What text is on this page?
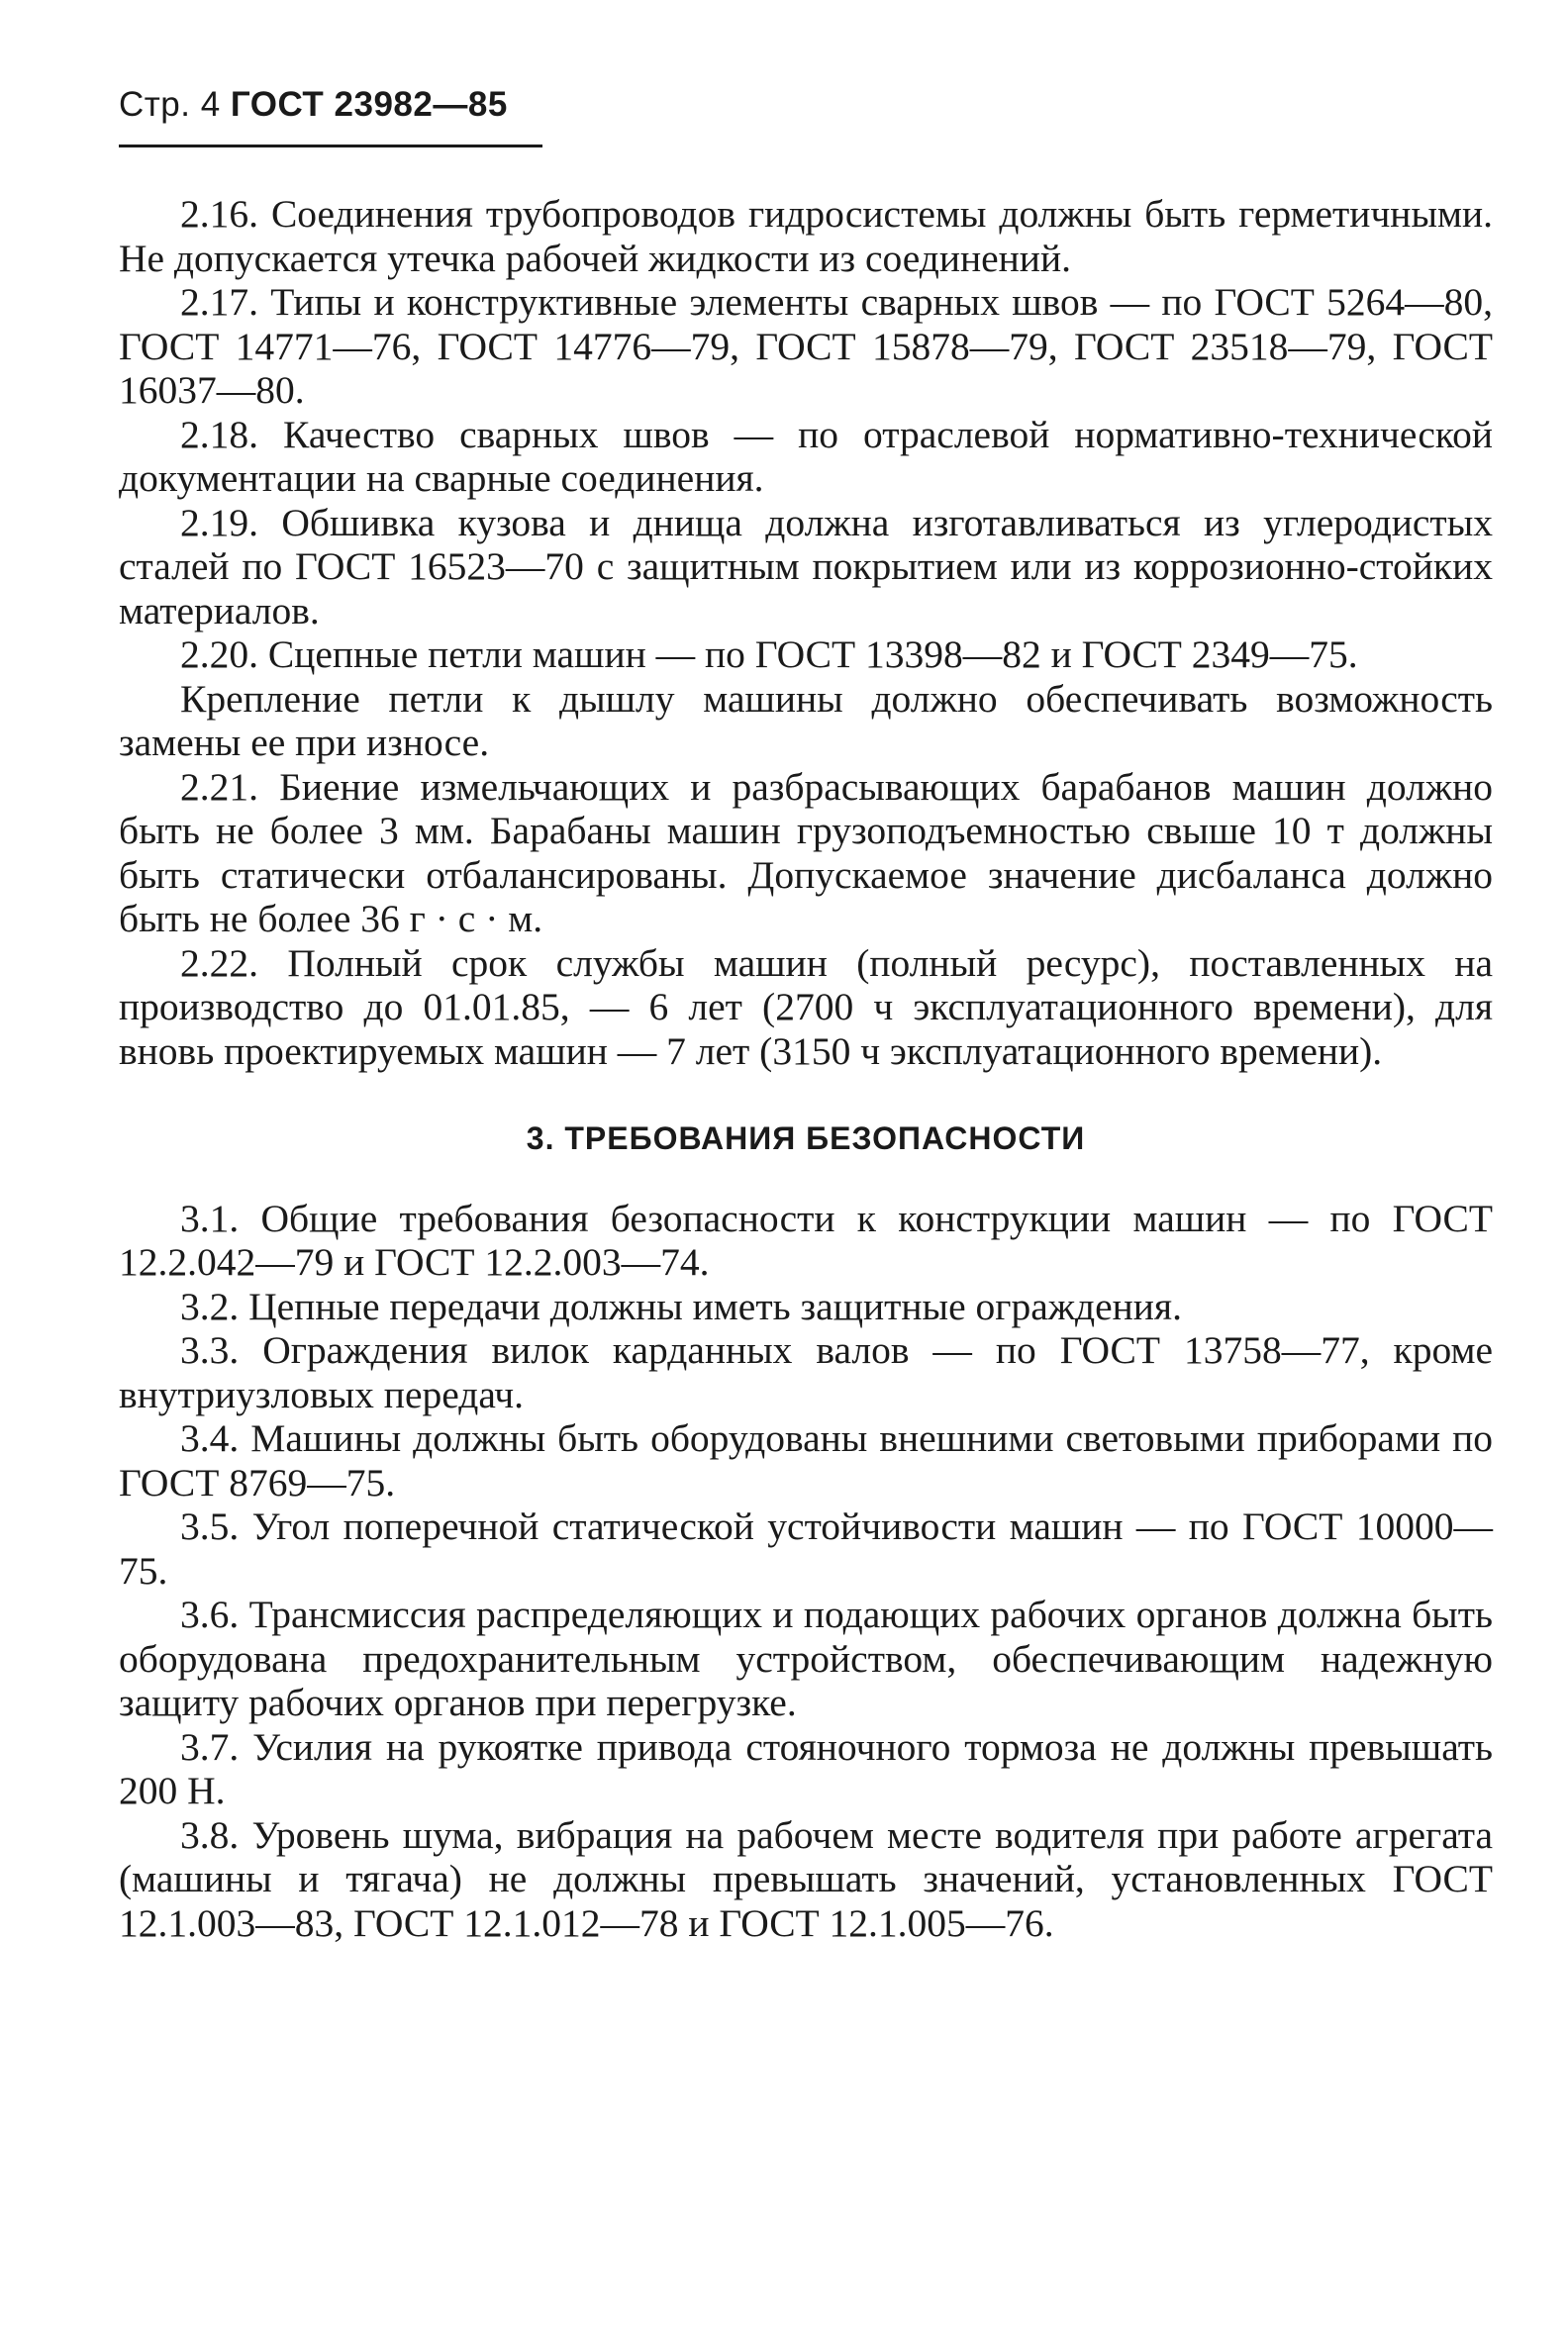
Стр. 4 ГОСТ 23982—85

2.16. Соединения трубопроводов гидросистемы должны быть герметичными. Не допускается утечка рабочей жидкости из соединений.

2.17. Типы и конструктивные элементы сварных швов — по ГОСТ 5264—80, ГОСТ 14771—76, ГОСТ 14776—79, ГОСТ 15878—79, ГОСТ 23518—79, ГОСТ 16037—80.

2.18. Качество сварных швов — по отраслевой нормативно-технической документации на сварные соединения.

2.19. Обшивка кузова и днища должна изготавливаться из углеродистых сталей по ГОСТ 16523—70 с защитным покрытием или из коррозионно-стойких материалов.

2.20. Сцепные петли машин — по ГОСТ 13398—82 и ГОСТ 2349—75.

Крепление петли к дышлу машины должно обеспечивать возможность замены ее при износе.

2.21. Биение измельчающих и разбрасывающих барабанов машин должно быть не более 3 мм. Барабаны машин грузоподъемностью свыше 10 т должны быть статически отбалансированы. Допускаемое значение дисбаланса должно быть не более 36 г · с · м.

2.22. Полный срок службы машин (полный ресурс), поставленных на производство до 01.01.85, — 6 лет (2700 ч эксплуатационного времени), для вновь проектируемых машин — 7 лет (3150 ч эксплуатационного времени).

3. ТРЕБОВАНИЯ БЕЗОПАСНОСТИ

3.1. Общие требования безопасности к конструкции машин — по ГОСТ 12.2.042—79 и ГОСТ 12.2.003—74.

3.2. Цепные передачи должны иметь защитные ограждения.

3.3. Ограждения вилок карданных валов — по ГОСТ 13758—77, кроме внутриузловых передач.

3.4. Машины должны быть оборудованы внешними световыми приборами по ГОСТ 8769—75.

3.5. Угол поперечной статической устойчивости машин — по ГОСТ 10000—75.

3.6. Трансмиссия распределяющих и подающих рабочих органов должна быть оборудована предохранительным устройством, обеспечивающим надежную защиту рабочих органов при перегрузке.

3.7. Усилия на рукоятке привода стояночного тормоза не должны превышать 200 Н.

3.8. Уровень шума, вибрация на рабочем месте водителя при работе агрегата (машины и тягача) не должны превышать значений, установленных ГОСТ 12.1.003—83, ГОСТ 12.1.012—78 и ГОСТ 12.1.005—76.
